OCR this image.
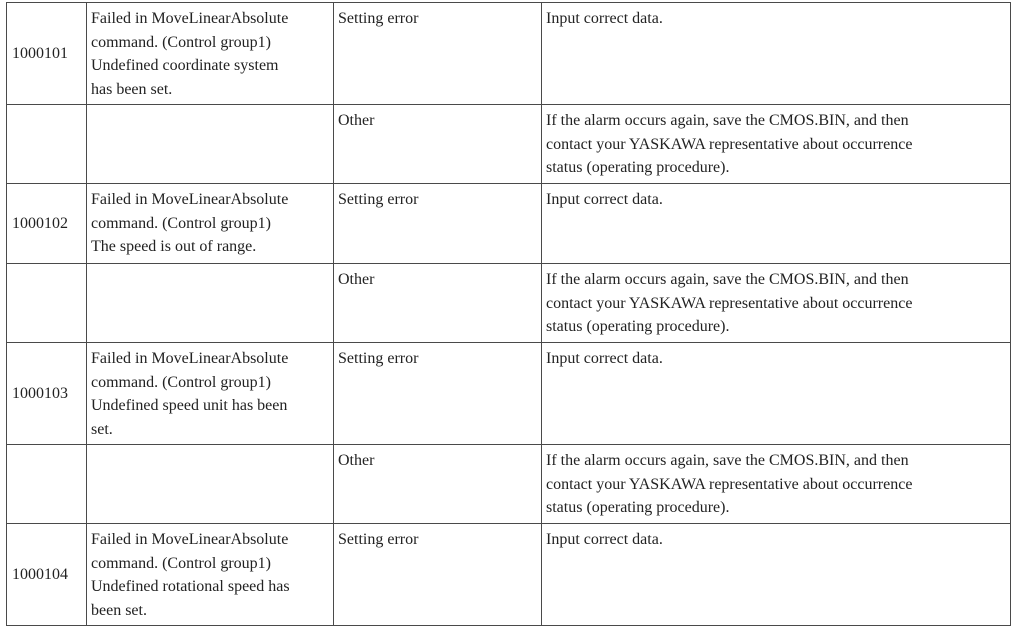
1000101	Failed in MoveLinearAbsolute
command. (Control group1)
Undefined coordinate system
has been set.	Setting error	Input correct data.
		Other	If the alarm occurs again, save the CMOS.BIN, and then
contact your YASKAWA representative about occurrence
status (operating procedure).
1000102	Failed in MoveLinearAbsolute
command. (Control group1)
The speed is out of range.	Setting error	Input correct data.
		Other	If the alarm occurs again, save the CMOS.BIN, and then
contact your YASKAWA representative about occurrence
status (operating procedure).
1000103	Failed in MoveLinearAbsolute
command. (Control group1)
Undefined speed unit has been
set.	Setting error	Input correct data.
		Other	If the alarm occurs again, save the CMOS.BIN, and then
contact your YASKAWA representative about occurrence
status (operating procedure).
1000104	Failed in MoveLinearAbsolute
command. (Control group1)
Undefined rotational speed has
been set.	Setting error	Input correct data.
